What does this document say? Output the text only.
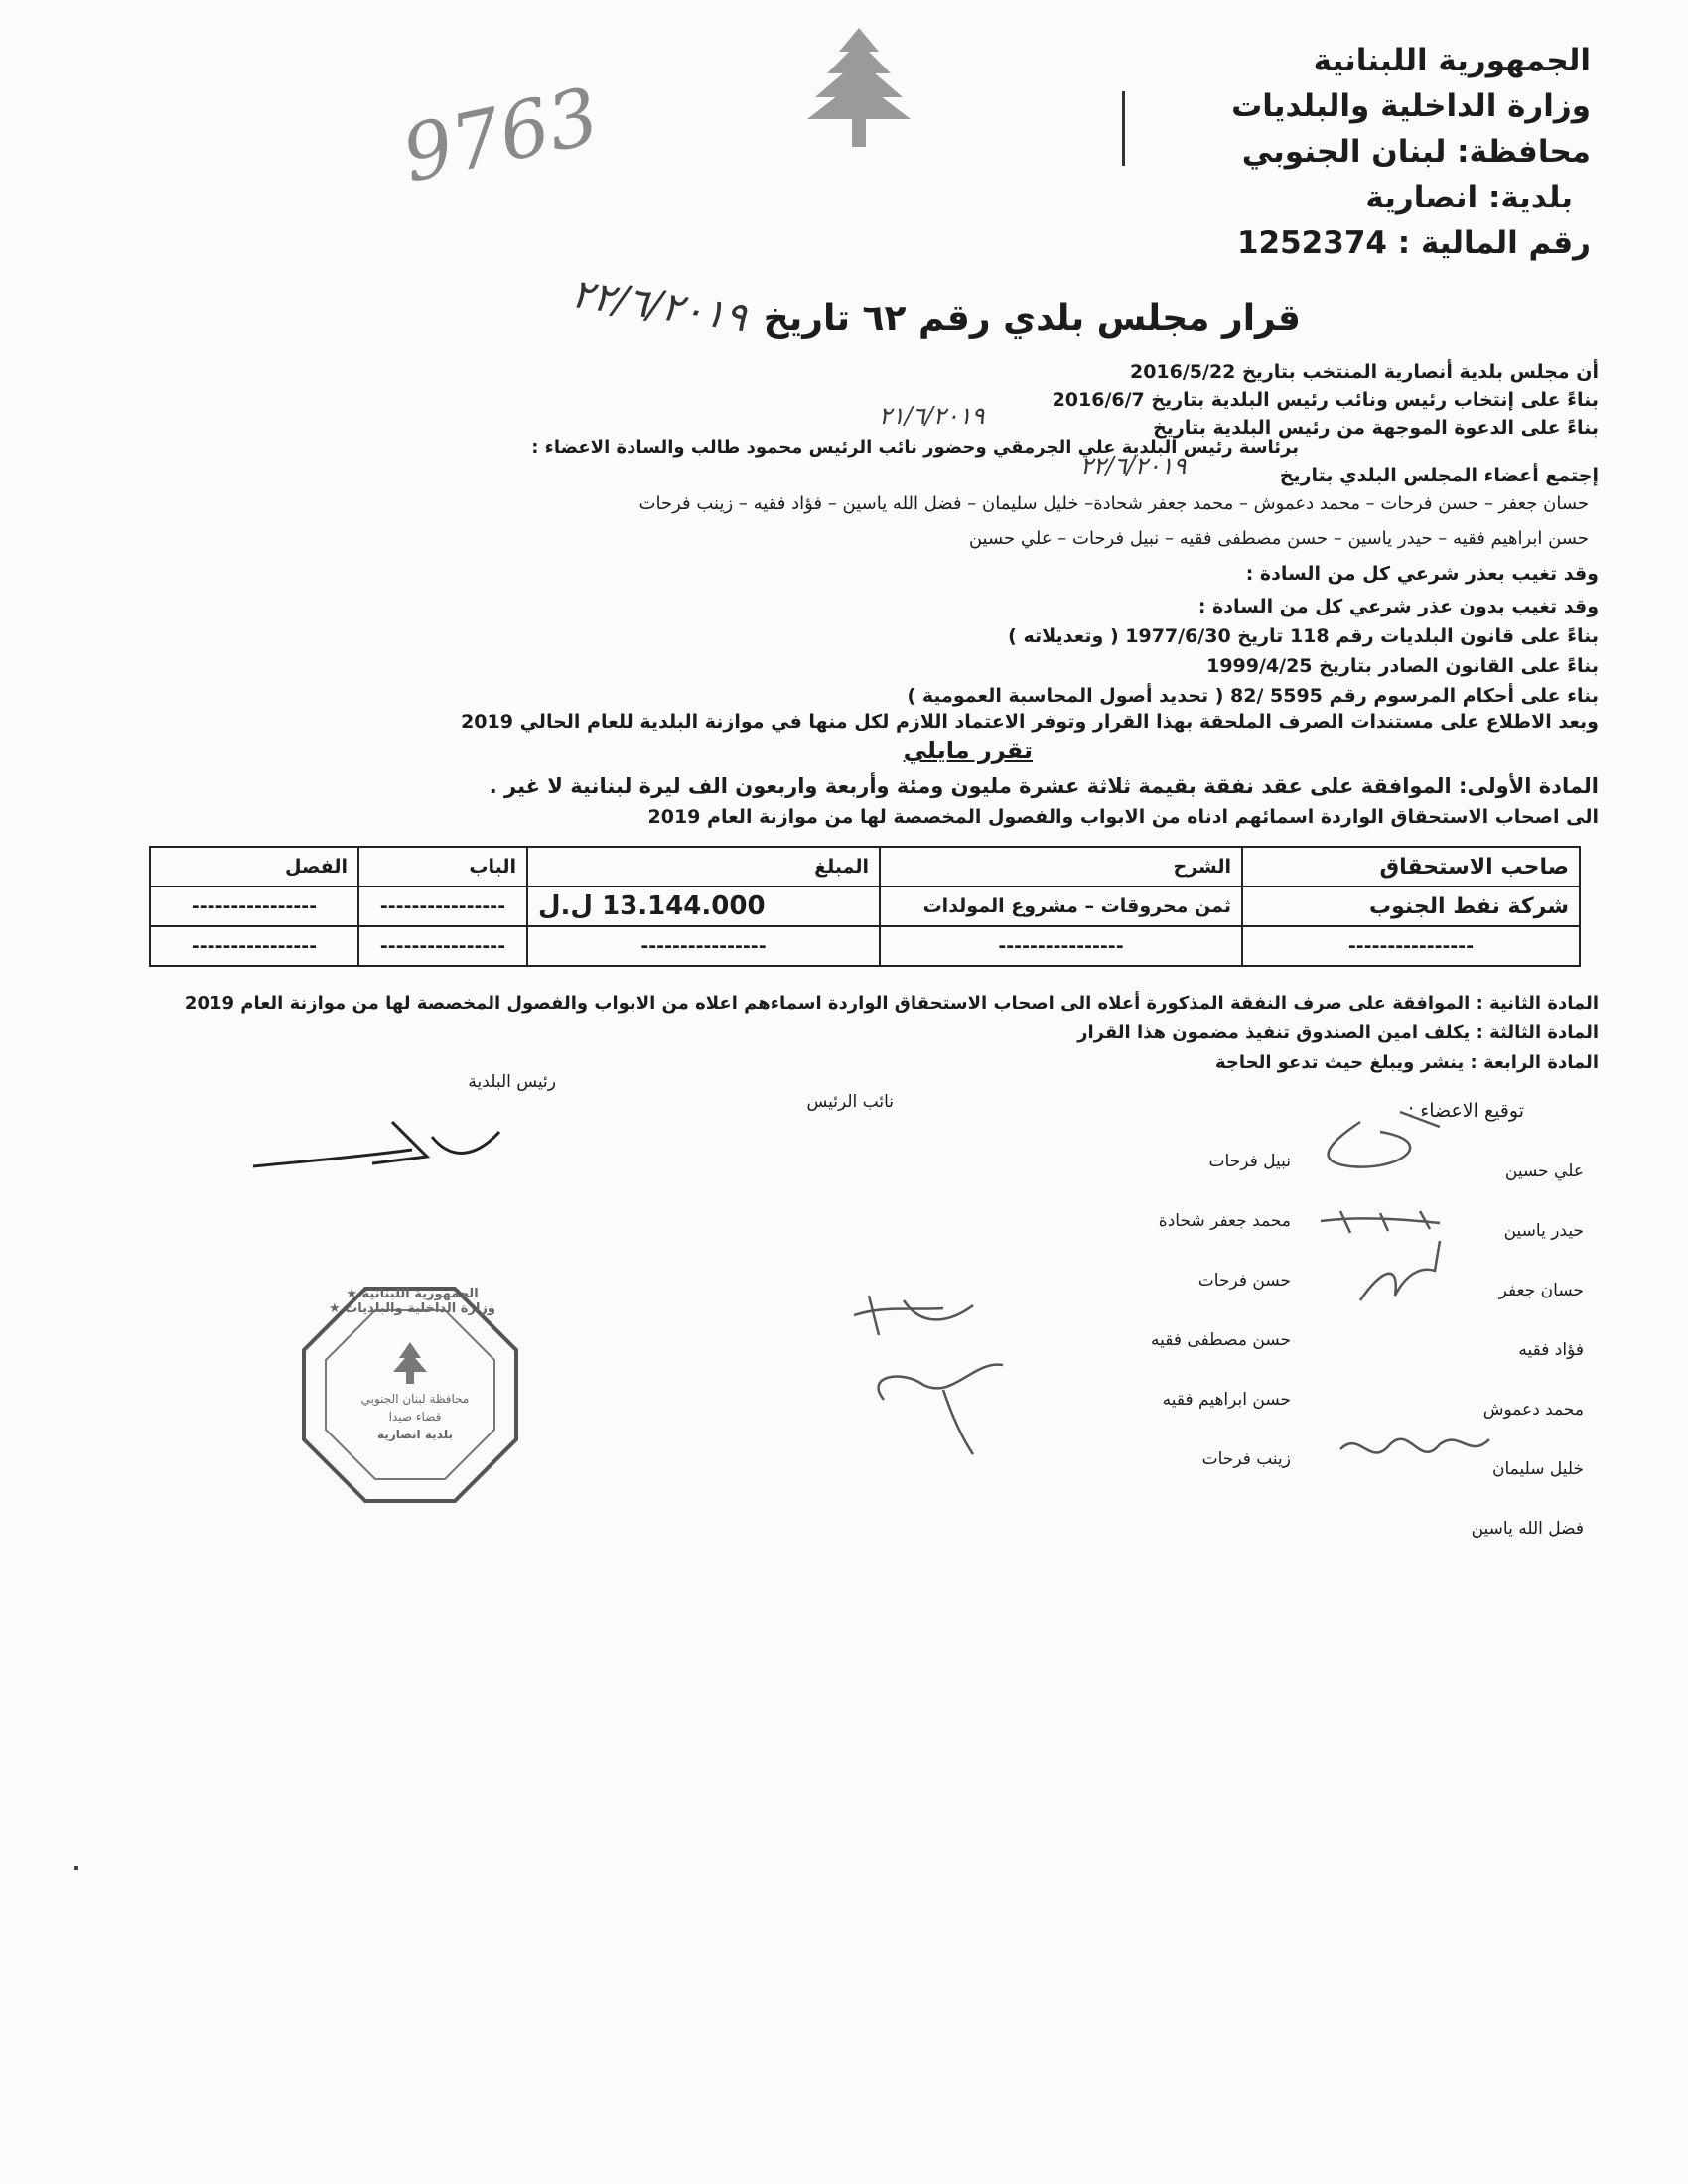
9763
الجمهورية اللبنانية
وزارة الداخلية والبلديات
محافظة: لبنان الجنوبي
بلدية: انصارية
رقم المالية : 1252374
قرار مجلس بلدي رقم ٦٢ تاريخ
٢٢/٦/٢٠١٩
أن مجلس بلدية أنصارية المنتخب بتاريخ 2016/5/22
بناءً على إنتخاب رئيس ونائب رئيس البلدية بتاريخ 2016/6/7
بناءً على الدعوة الموجهة من رئيس البلدية بتاريخ
٢١/٦/٢٠١٩
برئاسة رئيس البلدية علي الجرمقي وحضور نائب الرئيس محمود طالب والسادة الاعضاء :
إجتمع أعضاء المجلس البلدي بتاريخ
٢٢/٦/٢٠١٩
حسان جعفر – حسن فرحات – محمد دعموش – محمد جعفر شحادة– خليل سليمان – فضل الله ياسين – فؤاد فقيه – زينب فرحات
حسن ابراهيم فقيه – حيدر ياسين – حسن مصطفى فقيه – نبيل فرحات – علي حسين
وقد تغيب بعذر شرعي كل من السادة :
وقد تغيب بدون عذر شرعي كل من السادة :
بناءً على قانون البلديات رقم 118 تاريخ 1977/6/30 ( وتعديلاته )
بناءً على القانون الصادر بتاريخ 1999/4/25
بناء على أحكام المرسوم رقم 5595 /82 ( تحديد أصول المحاسبة العمومية )
وبعد الاطلاع على مستندات الصرف الملحقة بهذا القرار وتوفر الاعتماد اللازم لكل منها في موازنة البلدية للعام الحالي 2019
تقرر مايلي
المادة الأولى: الموافقة على عقد نفقة بقيمة ثلاثة عشرة مليون ومئة وأربعة واربعون الف ليرة لبنانية لا غير .
الى اصحاب الاستحقاق الواردة اسمائهم ادناه من الابواب والفصول المخصصة لها من موازنة العام 2019
صاحب الاستحقاق	الشرح	المبلغ	الباب	الفصل
شركة نفط الجنوب	ثمن محروقات – مشروع المولدات	13.144.000 ل.ل	----------------	----------------
----------------	----------------	----------------	----------------	----------------
المادة الثانية : الموافقة على صرف النفقة المذكورة أعلاه الى اصحاب الاستحقاق الواردة اسماءهم اعلاه من الابواب والفصول المخصصة لها من موازنة العام 2019
المادة الثالثة : يكلف امين الصندوق تنفيذ مضمون هذا القرار
المادة الرابعة : ينشر ويبلغ حيث تدعو الحاجة
رئيس البلدية
نائب الرئيس	توقيع الاعضاء :
علي حسين
حيدر ياسين
حسان جعفر
فؤاد فقيه
محمد دعموش
خليل سليمان
فضل الله ياسين
نبيل فرحات
محمد جعفر شحادة
حسن فرحات
حسن مصطفى فقيه
حسن ابراهيم فقيه
زينب فرحات
الجمهورية اللبنانية ★ وزارة الداخلية والبلديات ★
محافظة لبنان الجنوبي
قضاء صيدا
بلدية انصارية
